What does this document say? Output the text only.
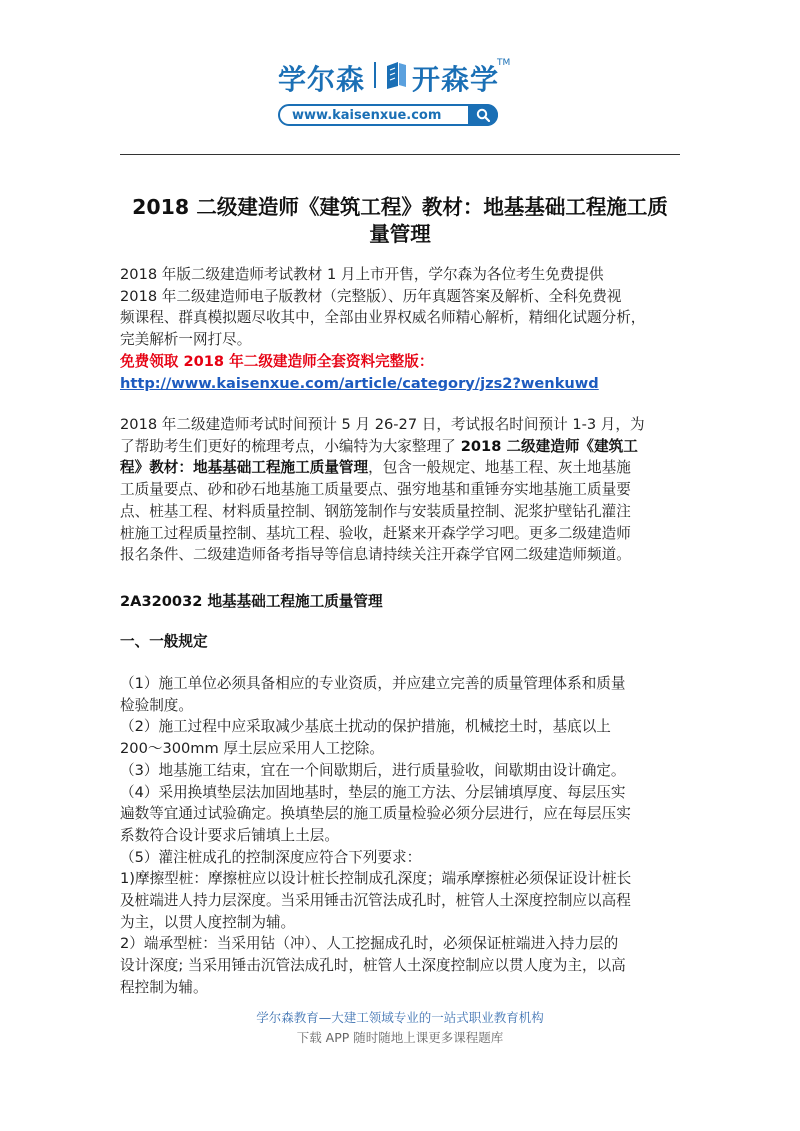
学尔森 开森学
TM
www.kaisenxue.com
2018 二级建造师《建筑工程》教材：地基基础工程施工质
量管理

2018 年版二级建造师考试教材 1 月上市开售，学尔森为各位考生免费提供

2018 年二级建造师电子版教材（完整版）、历年真题答案及解析、全科免费视

频课程、群真模拟题尽收其中，全部由业界权威名师精心解析，精细化试题分析，

完美解析一网打尽。

免费领取 2018 年二级建造师全套资料完整版：

http://www.kaisenxue.com/article/category/jzs2?wenkuwd

2018 年二级建造师考试时间预计 5 月 26-27 日，考试报名时间预计 1-3 月，为

了帮助考生们更好的梳理考点，小编特为大家整理了 2018 二级建造师《建筑工

程》教材：地基基础工程施工质量管理，包含一般规定、地基工程、灰土地基施

工质量要点、砂和砂石地基施工质量要点、强穷地基和重锤夯实地基施工质量要

点、桩基工程、材料质量控制、钢筋笼制作与安装质量控制、泥浆护壁钻孔灌注

桩施工过程质量控制、基坑工程、验收，赶紧来开森学学习吧。更多二级建造师

报名条件、二级建造师备考指导等信息请持续关注开森学官网二级建造师频道。

2A320032 地基基础工程施工质量管理
一、一般规定

（1）施工单位必须具备相应的专业资质，并应建立完善的质量管理体系和质量

检验制度。

（2）施工过程中应采取减少基底土扰动的保护措施，机械挖土时，基底以上

200～300mm 厚土层应采用人工挖除。

（3）地基施工结束，宜在一个间歇期后，进行质量验收，间歇期由设计确定。

（4）采用换填垫层法加固地基时，垫层的施工方法、分层铺填厚度、每层压实

遍数等宜通过试验确定。换填垫层的施工质量检验必须分层进行，应在每层压实

系数符合设计要求后铺填上土层。

（5）灌注桩成孔的控制深度应符合下列要求：

1)摩擦型桩：摩擦桩应以设计桩长控制成孔深度；端承摩擦桩必须保证设计桩长

及桩端进人持力层深度。当采用锤击沉管法成孔时，桩管人土深度控制应以高程

为主，以贯人度控制为辅。

2）端承型桩：当采用钻（冲）、人工挖掘成孔时，必须保证桩端进入持力层的

设计深度; 当采用锤击沉管法成孔时，桩管人土深度控制应以贯人度为主，以高

程控制为辅。

学尔森教育—大建工领域专业的一站式职业教育机构
下载 APP 随时随地上课更多课程题库
